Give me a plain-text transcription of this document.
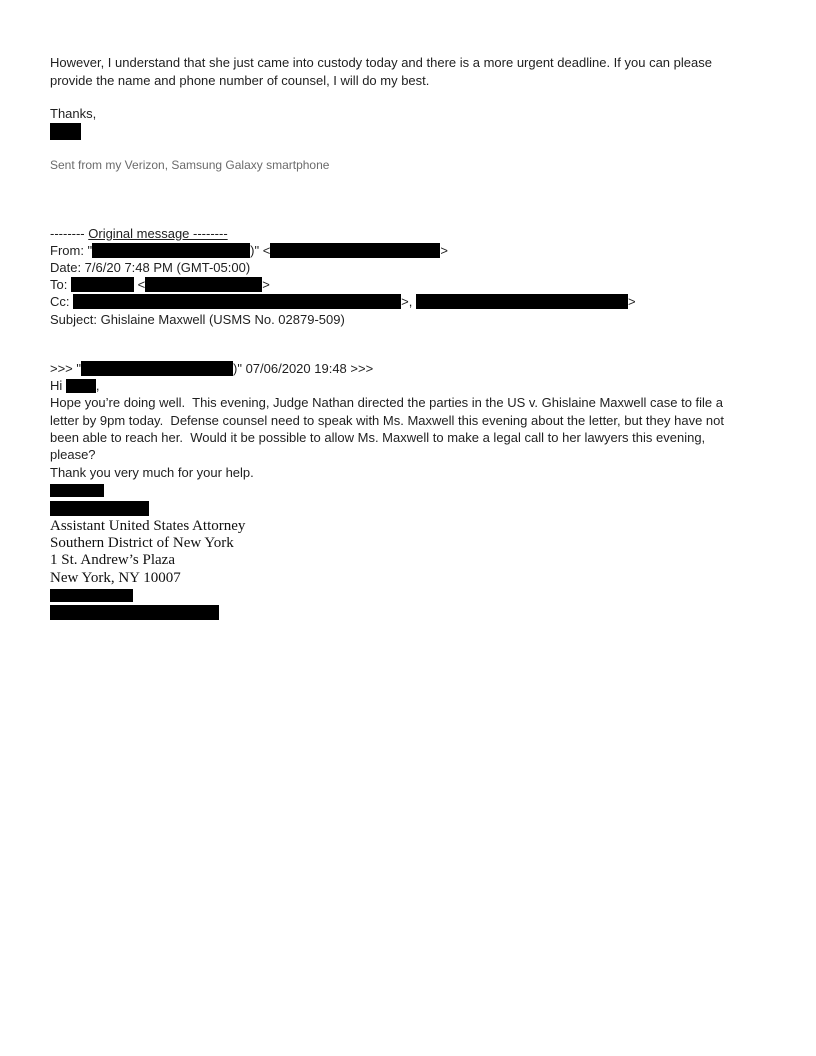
However, I understand that she just came into custody today and there is a more urgent deadline. If you can please
provide the name and phone number of counsel, I will do my best.
Thanks,
Sent from my Verizon, Samsung Galaxy smartphone
-------- Original message --------
From: "	)" <	>
Date: 7/6/20 7:48 PM (GMT-05:00)
To:	<	>
Cc:	>,	>
Subject: Ghislaine Maxwell (USMS No. 02879-509)
>>> "	)" 07/06/2020 19:48 >>>
Hi ,
Hope you’re doing well.  This evening, Judge Nathan directed the parties in the US v. Ghislaine Maxwell case to file a
letter by 9pm today.  Defense counsel need to speak with Ms. Maxwell this evening about the letter, but they have not
been able to reach her.  Would it be possible to allow Ms. Maxwell to make a legal call to her lawyers this evening,
please?
Thank you very much for your help.
Assistant United States Attorney
Southern District of New York
1 St. Andrew’s Plaza
New York, NY 10007
